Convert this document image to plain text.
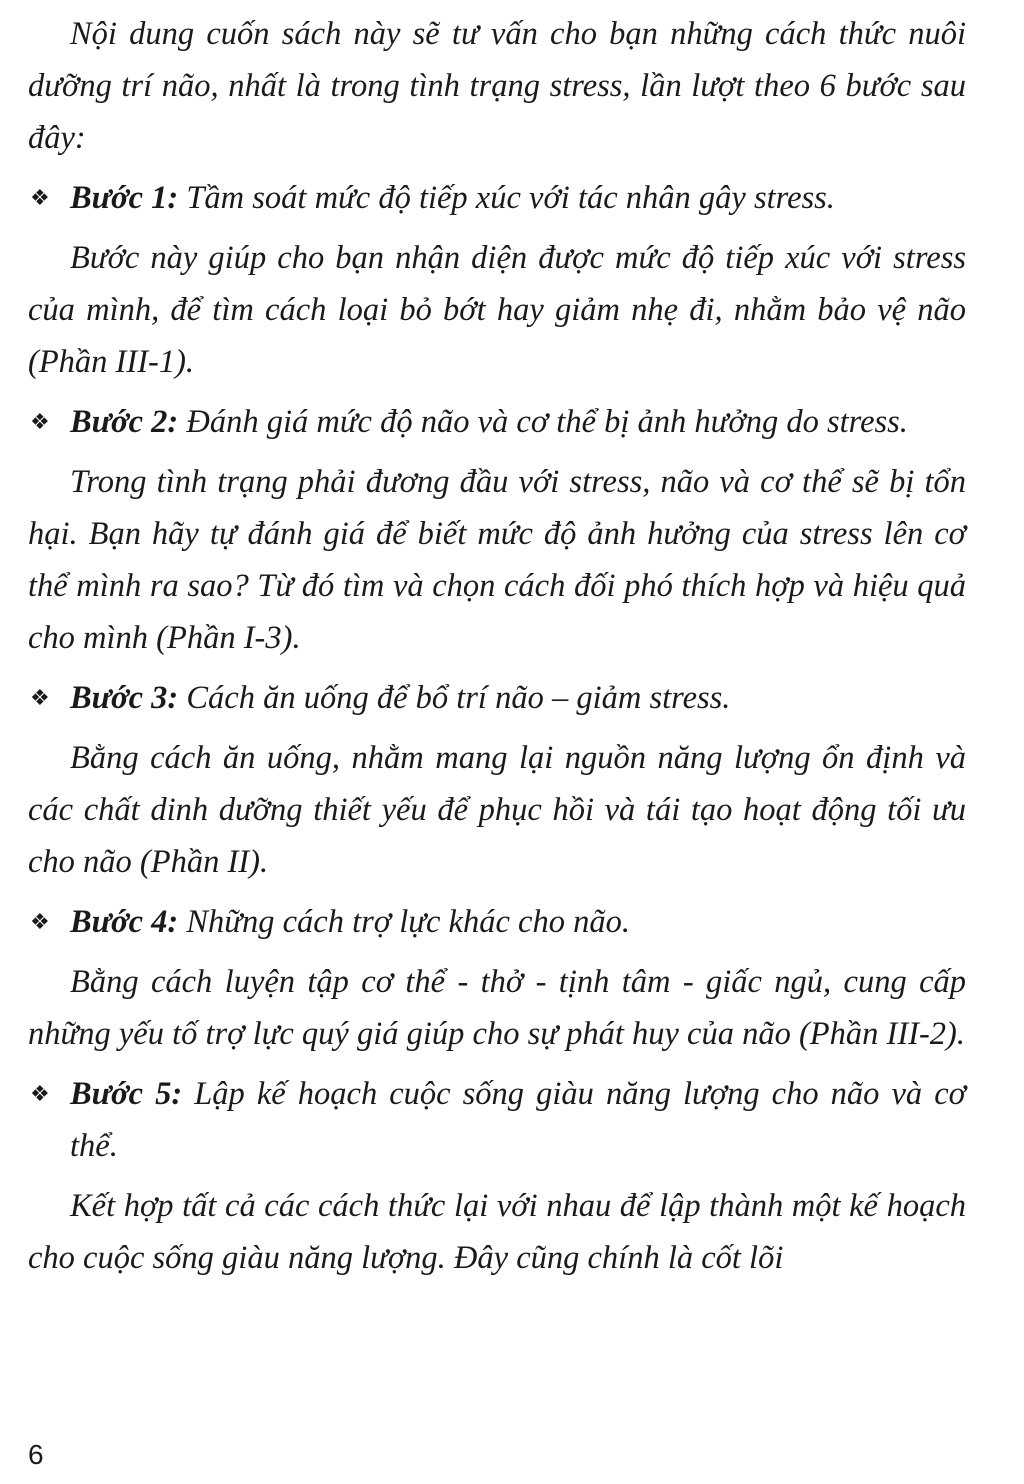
Nội dung cuốn sách này sẽ tư vấn cho bạn những cách thức nuôi dưỡng trí não, nhất là trong tình trạng stress, lần lượt theo 6 bước sau đây:

❖ Bước 1: Tầm soát mức độ tiếp xúc với tác nhân gây stress.

Bước này giúp cho bạn nhận diện được mức độ tiếp xúc với stress của mình, để tìm cách loại bỏ bớt hay giảm nhẹ đi, nhằm bảo vệ não (Phần III-1).

❖ Bước 2: Đánh giá mức độ não và cơ thể bị ảnh hưởng do stress.

Trong tình trạng phải đương đầu với stress, não và cơ thể sẽ bị tổn hại. Bạn hãy tự đánh giá để biết mức độ ảnh hưởng của stress lên cơ thể mình ra sao? Từ đó tìm và chọn cách đối phó thích hợp và hiệu quả cho mình (Phần I-3).

❖ Bước 3: Cách ăn uống để bổ trí não – giảm stress.

Bằng cách ăn uống, nhằm mang lại nguồn năng lượng ổn định và các chất dinh dưỡng thiết yếu để phục hồi và tái tạo hoạt động tối ưu cho não (Phần II).

❖ Bước 4: Những cách trợ lực khác cho não.

Bằng cách luyện tập cơ thể - thở - tịnh tâm - giấc ngủ, cung cấp những yếu tố trợ lực quý giá giúp cho sự phát huy của não (Phần III-2).

❖ Bước 5: Lập kế hoạch cuộc sống giàu năng lượng cho não và cơ thể.

Kết hợp tất cả các cách thức lại với nhau để lập thành một kế hoạch cho cuộc sống giàu năng lượng. Đây cũng chính là cốt lõi

6
